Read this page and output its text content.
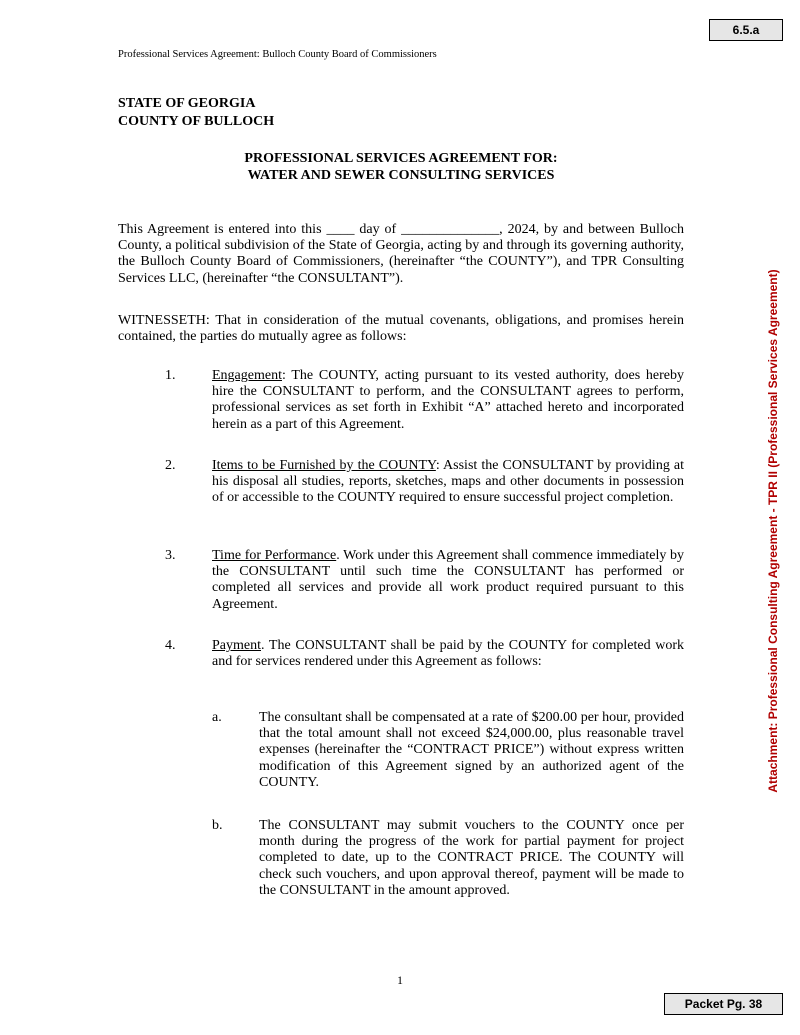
6.5.a
Professional Services Agreement: Bulloch County Board of Commissioners
STATE OF GEORGIA
COUNTY OF BULLOCH
PROFESSIONAL SERVICES AGREEMENT FOR:
WATER AND SEWER CONSULTING SERVICES
This Agreement is entered into this ____ day of ______________, 2024, by and between Bulloch County, a political subdivision of the State of Georgia, acting by and through its governing authority, the Bulloch County Board of Commissioners, (hereinafter “the COUNTY”), and TPR Consulting Services LLC, (hereinafter “the CONSULTANT”).
WITNESSETH: That in consideration of the mutual covenants, obligations, and promises herein contained, the parties do mutually agree as follows:
1.	Engagement: The COUNTY, acting pursuant to its vested authority, does hereby hire the CONSULTANT to perform, and the CONSULTANT agrees to perform, professional services as set forth in Exhibit “A” attached hereto and incorporated herein as a part of this Agreement.
2.	Items to be Furnished by the COUNTY: Assist the CONSULTANT by providing at his disposal all studies, reports, sketches, maps and other documents in possession of or accessible to the COUNTY required to ensure successful project completion.
3.	Time for Performance. Work under this Agreement shall commence immediately by the CONSULTANT until such time the CONSULTANT has performed or completed all services and provide all work product required pursuant to this Agreement.
4.	Payment. The CONSULTANT shall be paid by the COUNTY for completed work and for services rendered under this Agreement as follows:
a.	The consultant shall be compensated at a rate of $200.00 per hour, provided that the total amount shall not exceed $24,000.00, plus reasonable travel expenses (hereinafter the “CONTRACT PRICE”) without express written modification of this Agreement signed by an authorized agent of the COUNTY.
b.	The CONSULTANT may submit vouchers to the COUNTY once per month during the progress of the work for partial payment for project completed to date, up to the CONTRACT PRICE. The COUNTY will check such vouchers, and upon approval thereof, payment will be made to the CONSULTANT in the amount approved.
1
Packet Pg. 38
Attachment: Professional Consulting Agreement - TPR II (Professional Services Agreement)
